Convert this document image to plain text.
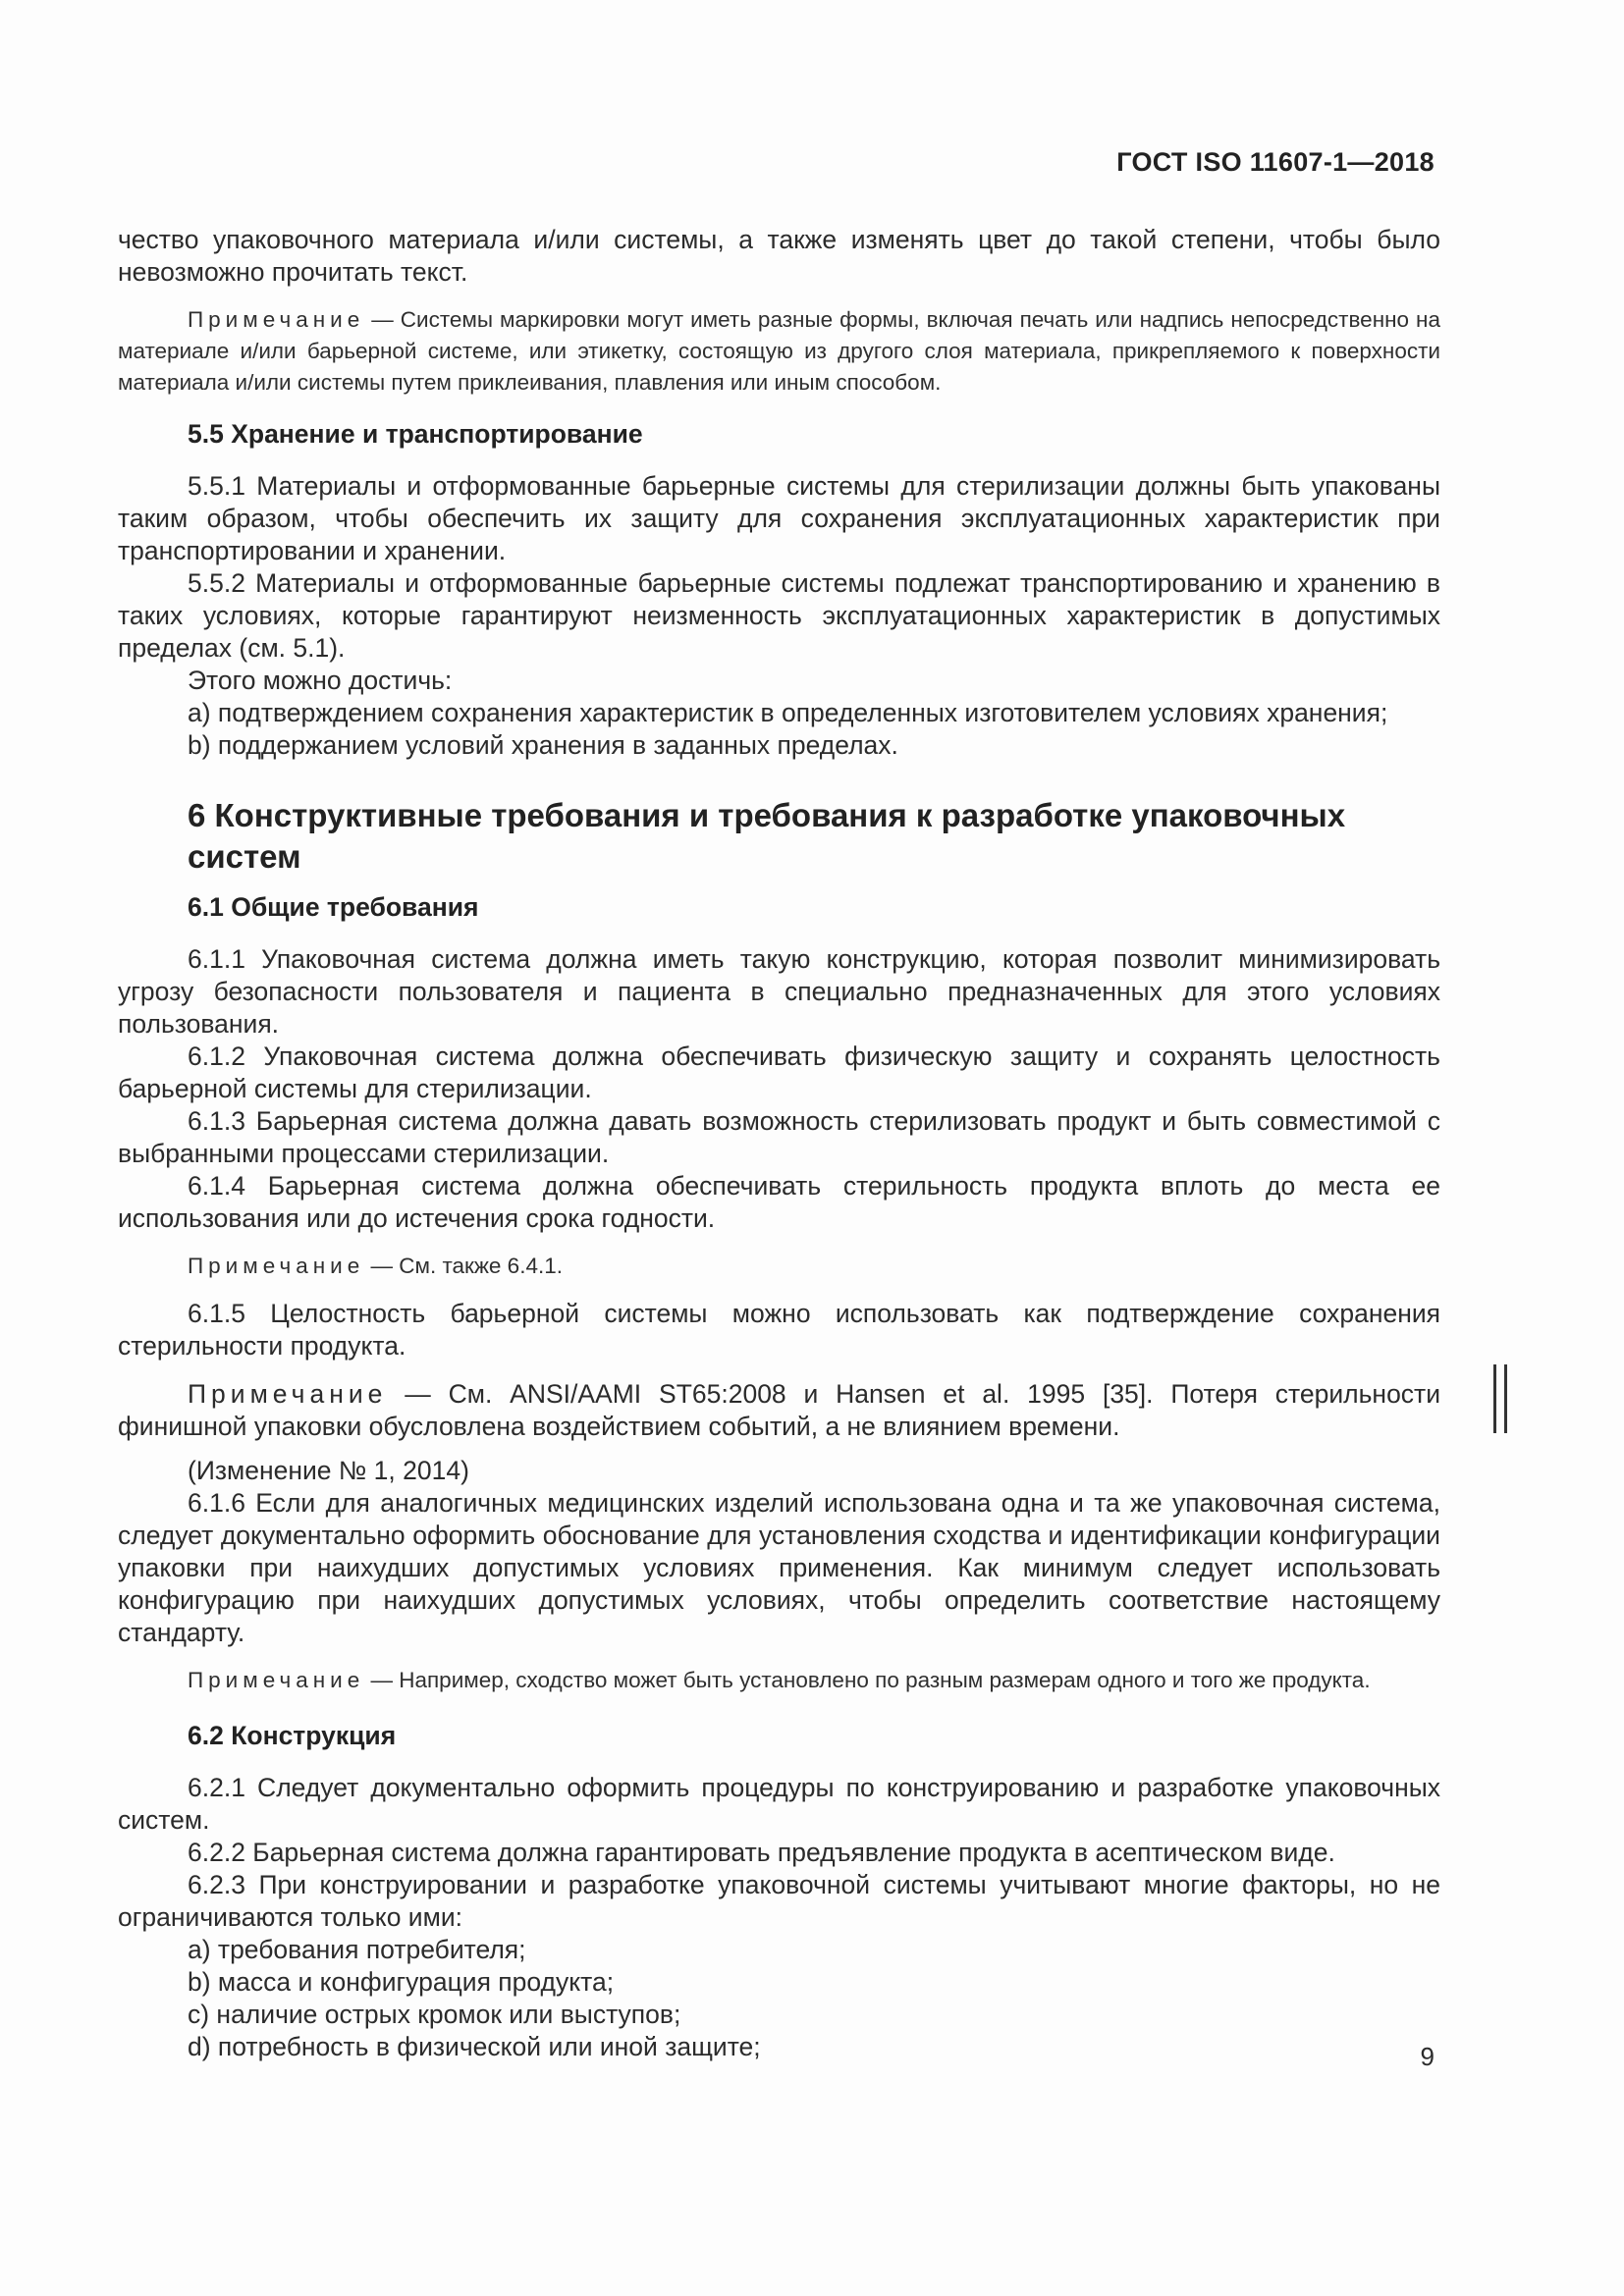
ГОСТ ISO 11607-1—2018

чество упаковочного материала и/или системы, а также изменять цвет до такой степени, чтобы было невозможно прочитать текст.

Примечание — Системы маркировки могут иметь разные формы, включая печать или надпись непосредственно на материале и/или барьерной системе, или этикетку, состоящую из другого слоя материала, прикрепляемого к поверхности материала и/или системы путем приклеивания, плавления или иным способом.

5.5 Хранение и транспортирование

5.5.1 Материалы и отформованные барьерные системы для стерилизации должны быть упакованы таким образом, чтобы обеспечить их защиту для сохранения эксплуатационных характеристик при транспортировании и хранении.

5.5.2 Материалы и отформованные барьерные системы подлежат транспортированию и хранению в таких условиях, которые гарантируют неизменность эксплуатационных характеристик в допустимых пределах (см. 5.1).

Этого можно достичь:

a) подтверждением сохранения характеристик в определенных изготовителем условиях хранения;

b) поддержанием условий хранения в заданных пределах.

6 Конструктивные требования и требования к разработке упаковочных
систем

6.1 Общие требования

6.1.1 Упаковочная система должна иметь такую конструкцию, которая позволит минимизировать угрозу безопасности пользователя и пациента в специально предназначенных для этого условиях пользования.

6.1.2 Упаковочная система должна обеспечивать физическую защиту и сохранять целостность барьерной системы для стерилизации.

6.1.3 Барьерная система должна давать возможность стерилизовать продукт и быть совместимой с выбранными процессами стерилизации.

6.1.4 Барьерная система должна обеспечивать стерильность продукта вплоть до места ее использования или до истечения срока годности.

Примечание — См. также 6.4.1.

6.1.5 Целостность барьерной системы можно использовать как подтверждение сохранения стерильности продукта.

Примечание — См. ANSI/AAMI ST65:2008 и Hansen et al. 1995 [35]. Потеря стерильности финишной упаковки обусловлена воздействием событий, а не влиянием времени.

(Изменение № 1, 2014)

6.1.6 Если для аналогичных медицинских изделий использована одна и та же упаковочная система, следует документально оформить обоснование для установления сходства и идентификации конфигурации упаковки при наихудших допустимых условиях применения. Как минимум следует использовать конфигурацию при наихудших допустимых условиях, чтобы определить соответствие настоящему стандарту.

Примечание — Например, сходство может быть установлено по разным размерам одного и того же продукта.

6.2 Конструкция

6.2.1 Следует документально оформить процедуры по конструированию и разработке упаковочных систем.

6.2.2 Барьерная система должна гарантировать предъявление продукта в асептическом виде.

6.2.3 При конструировании и разработке упаковочной системы учитывают многие факторы, но не ограничиваются только ими:

a) требования потребителя;

b) масса и конфигурация продукта;

c) наличие острых кромок или выступов;

d) потребность в физической или иной защите;	9
